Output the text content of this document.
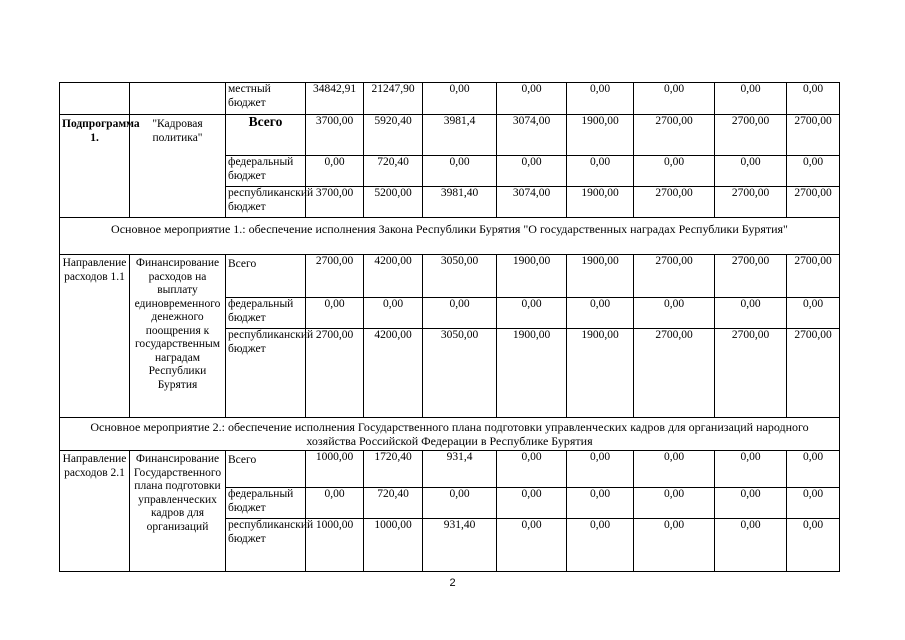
		местный бюджет	34842,91	21247,90	0,00	0,00	0,00	0,00	0,00	0,00
Подпрограмма 1.	"Кадровая политика"	Всего	3700,00	5920,40	3981,4	3074,00	1900,00	2700,00	2700,00	2700,00
		федеральный бюджет	0,00	720,40	0,00	0,00	0,00	0,00	0,00	0,00
		республиканский бюджет	3700,00	5200,00	3981,40	3074,00	1900,00	2700,00	2700,00	2700,00
Основное мероприятие 1.: обеспечение исполнения Закона Республики Бурятия "О государственных наградах Республики Бурятия"										
Направление расходов 1.1	Финансирование расходов на выплату единовременного денежного поощрения к государственным наградам Республики Бурятия	Всего	2700,00	4200,00	3050,00	1900,00	1900,00	2700,00	2700,00	2700,00
		федеральный бюджет	0,00	0,00	0,00	0,00	0,00	0,00	0,00	0,00
		республиканский бюджет	2700,00	4200,00	3050,00	1900,00	1900,00	2700,00	2700,00	2700,00
Основное мероприятие 2.: обеспечение исполнения Государственного плана подготовки управленческих кадров для организаций народного хозяйства Российской Федерации в Республике Бурятия										
Направление расходов 2.1	Финансирование Государственного плана подготовки управленческих кадров для организаций	Всего	1000,00	1720,40	931,4	0,00	0,00	0,00	0,00	0,00
		федеральный бюджет	0,00	720,40	0,00	0,00	0,00	0,00	0,00	0,00
		республиканский бюджет	1000,00	1000,00	931,40	0,00	0,00	0,00	0,00	0,00
2
